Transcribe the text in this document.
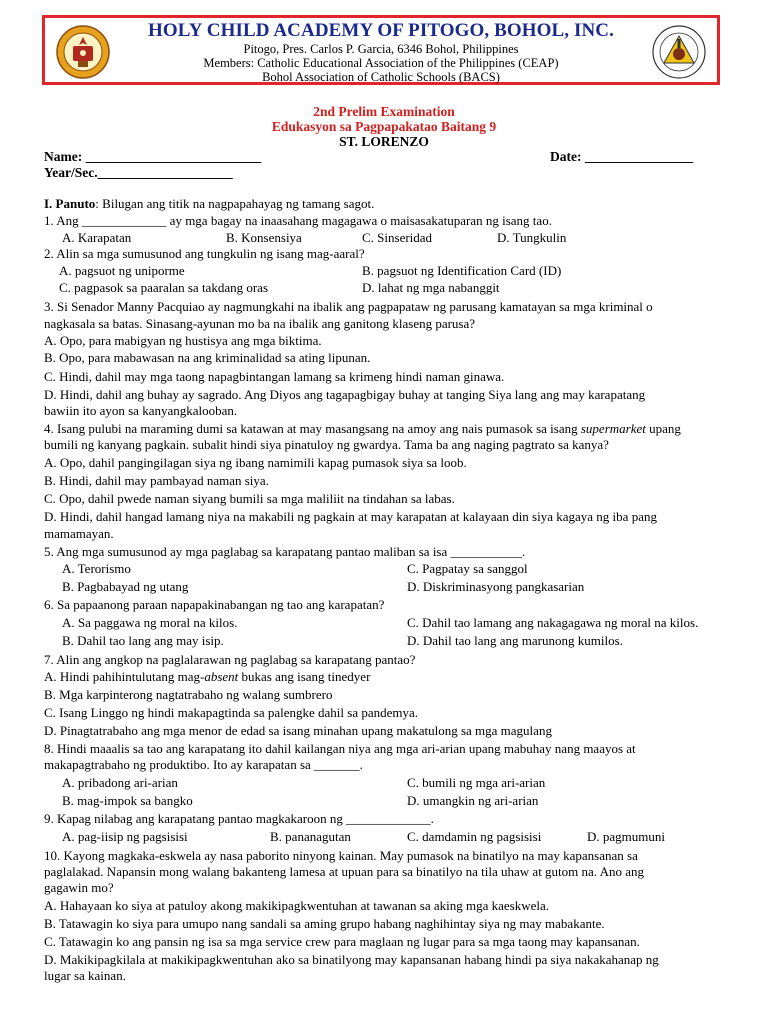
HOLY CHILD ACADEMY OF PITOGO, BOHOL, INC.
Pitogo, Pres. Carlos P. Garcia, 6346 Bohol, Philippines
Members: Catholic Educational Association of the Philippines (CEAP)
Bohol Association of Catholic Schools (BACS)
2nd Prelim Examination
Edukasyon sa Pagpapakatao Baitang 9
ST. LORENZO
Name: __________________________	Date: ________________
Year/Sec.____________________
I. Panuto: Bilugan ang titik na nagpapahayag ng tamang sagot.
1. Ang _____________ ay mga bagay na inaasahang magagawa o maisasakatuparan ng isang tao.
A. Karapatan	B. Konsensiya	C. Sinseridad	D. Tungkulin
2. Alin sa mga sumusunod ang tungkulin ng isang mag-aaral?
A. pagsuot ng uniporme	B. pagsuot ng Identification Card (ID)
C. pagpasok sa paaralan sa takdang oras	D. lahat ng mga nabanggit
3. Si Senador Manny Pacquiao ay nagmungkahi na ibalik ang pagpapataw ng parusang kamatayan sa mga kriminal o
nagkasala sa batas. Sinasang-ayunan mo ba na ibalik ang ganitong klaseng parusa?
A. Opo, para mabigyan ng hustisya ang mga biktima.
B. Opo, para mabawasan na ang kriminalidad sa ating lipunan.
C. Hindi, dahil may mga taong napagbintangan lamang sa krimeng hindi naman ginawa.
D. Hindi, dahil ang buhay ay sagrado. Ang Diyos ang tagapagbigay buhay at tanging Siya lang ang may karapatang
bawiin ito ayon sa kanyangkalooban.
4. Isang pulubi na maraming dumi sa katawan at may masangsang na amoy ang nais pumasok sa isang supermarket upang
bumili ng kanyang pagkain. subalit hindi siya pinatuloy ng gwardya. Tama ba ang naging pagtrato sa kanya?
A. Opo, dahil pangingilagan siya ng ibang namimili kapag pumasok siya sa loob.
B. Hindi, dahil may pambayad naman siya.
C. Opo, dahil pwede naman siyang bumili sa mga maliliit na tindahan sa labas.
D. Hindi, dahil hangad lamang niya na makabili ng pagkain at may karapatan at kalayaan din siya kagaya ng iba pang
mamamayan.
5. Ang mga sumusunod ay mga paglabag sa karapatang pantao maliban sa isa ___________.
A. Terorismo	C. Pagpatay sa sanggol
B. Pagbabayad ng utang	D. Diskriminasyong pangkasarian
6. Sa papaanong paraan napapakinabangan ng tao ang karapatan?
A. Sa paggawa ng moral na kilos.	C. Dahil tao lamang ang nakagagawa ng moral na kilos.
B. Dahil tao lang ang may isip.	D. Dahil tao lang ang marunong kumilos.
7. Alin ang angkop na paglalarawan ng paglabag sa karapatang pantao?
A. Hindi pahihintulutang mag-absent bukas ang isang tinedyer
B. Mga karpinterong nagtatrabaho ng walang sumbrero
C. Isang Linggo ng hindi makapagtinda sa palengke dahil sa pandemya.
D. Pinagtatrabaho ang mga menor de edad sa isang minahan upang makatulong sa mga magulang
8. Hindi maaalis sa tao ang karapatang ito dahil kailangan niya ang mga ari-arian upang mabuhay nang maayos at
makapagtrabaho ng produktibo. Ito ay karapatan sa _______.
A. pribadong ari-arian	C. bumili ng mga ari-arian
B. mag-impok sa bangko	D. umangkin ng ari-arian
9. Kapag nilabag ang karapatang pantao magkakaroon ng _____________.
A. pag-iisip ng pagsisisi	B. pananagutan	C. damdamin ng pagsisisi	D. pagmumuni
10. Kayong magkaka-eskwela ay nasa paborito ninyong kainan. May pumasok na binatilyo na may kapansanan sa
paglalakad. Napansin mong walang bakanteng lamesa at upuan para sa binatilyo na tila uhaw at gutom na. Ano ang
gagawin mo?
A. Hahayaan ko siya at patuloy akong makikipagkwentuhan at tawanan sa aking mga kaeskwela.
B. Tatawagin ko siya para umupo nang sandali sa aming grupo habang naghihintay siya ng may mabakante.
C. Tatawagin ko ang pansin ng isa sa mga service crew para maglaan ng lugar para sa mga taong may kapansanan.
D. Makikipagkilala at makikipagkwentuhan ako sa binatilyong may kapansanan habang hindi pa siya nakakahanap ng
lugar sa kainan.
